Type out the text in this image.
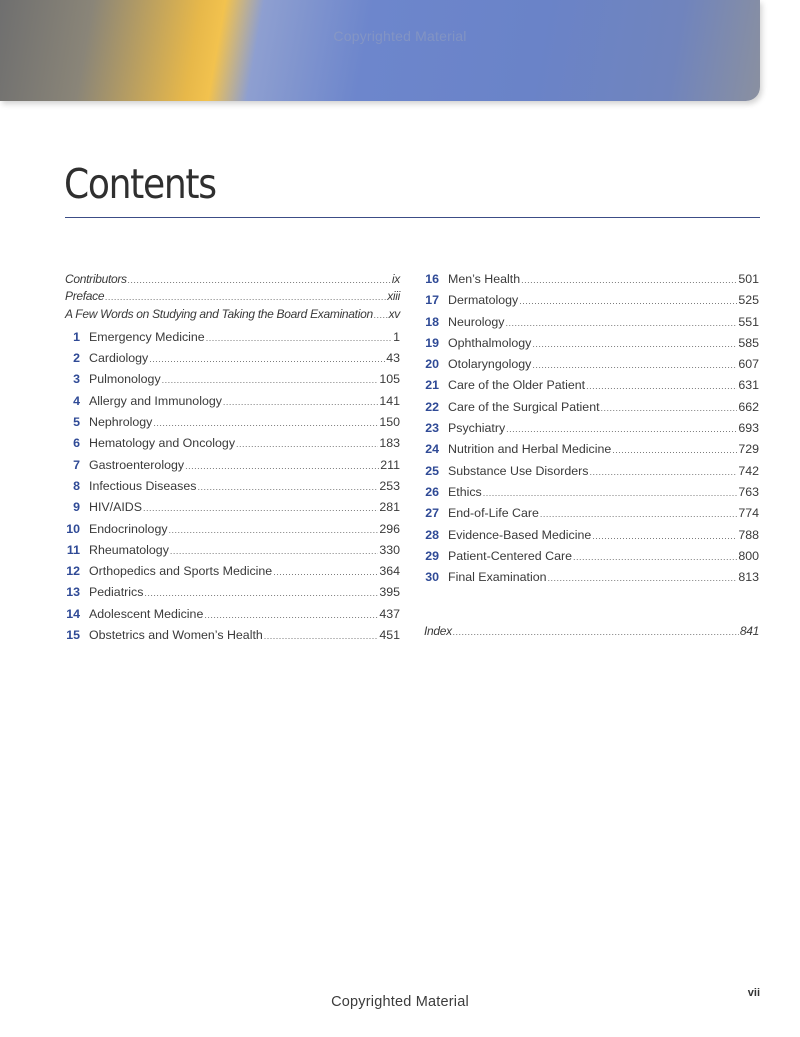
Copyrighted Material
Contents
Contributors .....	ix
Preface .....	xiii
A Few Words on Studying and Taking the Board Examination ..... xv
1 Emergency Medicine .....	1
2 Cardiology .....	43
3 Pulmonology .....	105
4 Allergy and Immunology .....	141
5 Nephrology .....	150
6 Hematology and Oncology .....	183
7 Gastroenterology .....	211
8 Infectious Diseases .....	253
9 HIV/AIDS .....	281
10 Endocrinology .....	296
11 Rheumatology .....	330
12 Orthopedics and Sports Medicine .....	364
13 Pediatrics .....	395
14 Adolescent Medicine .....	437
15 Obstetrics and Women’s Health .....	451
16 Men’s Health .....	501
17 Dermatology .....	525
18 Neurology .....	551
19 Ophthalmology .....	585
20 Otolaryngology .....	607
21 Care of the Older Patient .....	631
22 Care of the Surgical Patient .....	662
23 Psychiatry .....	693
24 Nutrition and Herbal Medicine .....	729
25 Substance Use Disorders .....	742
26 Ethics .....	763
27 End-of-Life Care .....	774
28 Evidence-Based Medicine .....	788
29 Patient-Centered Care .....	800
30 Final Examination .....	813
Index .....	841
Copyrighted Material
vii
